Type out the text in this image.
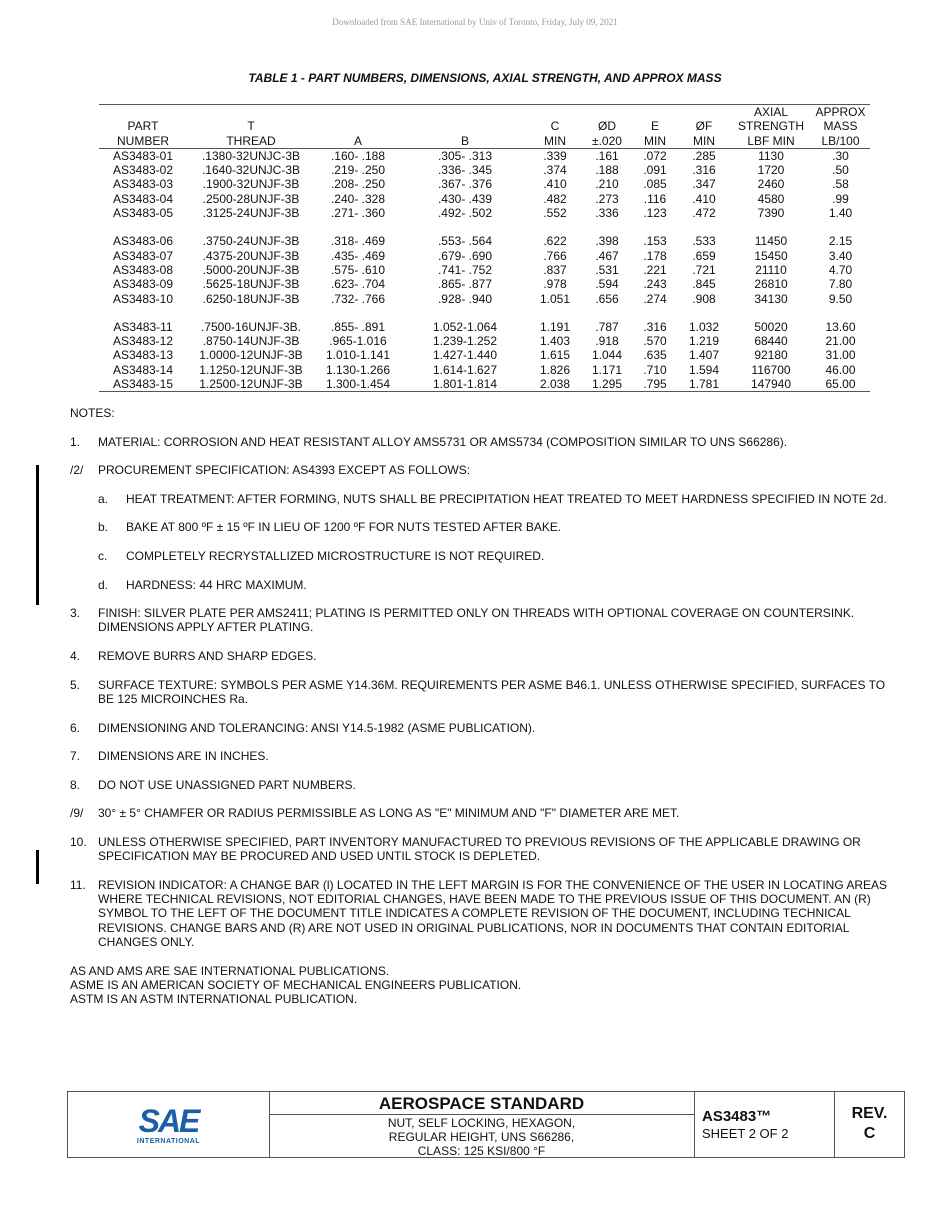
Downloaded from SAE International by Univ of Toronto, Friday, July 09, 2021
TABLE 1 - PART NUMBERS, DIMENSIONS, AXIAL STRENGTH, AND APPROX MASS
								AXIAL	APPROX
PART	T			C	ØD	E	ØF	STRENGTH	MASS
NUMBER	THREAD	A	B	MIN	±.020	MIN	MIN	LBF MIN	LB/100
AS3483-01	.1380-32UNJC-3B	.160- .188	.305- .313	.339	.161	.072	.285	1130	.30
AS3483-02	.1640-32UNJC-3B	.219- .250	.336- .345	.374	.188	.091	.316	1720	.50
AS3483-03	.1900-32UNJF-3B	.208- .250	.367- .376	.410	.210	.085	.347	2460	.58
AS3483-04	.2500-28UNJF-3B	.240- .328	.430- .439	.482	.273	.116	.410	4580	.99
AS3483-05	.3125-24UNJF-3B	.271- .360	.492- .502	.552	.336	.123	.472	7390	1.40

AS3483-06	.3750-24UNJF-3B	.318- .469	.553- .564	.622	.398	.153	.533	11450	2.15
AS3483-07	.4375-20UNJF-3B	.435- .469	.679- .690	.766	.467	.178	.659	15450	3.40
AS3483-08	.5000-20UNJF-3B	.575- .610	.741- .752	.837	.531	.221	.721	21110	4.70
AS3483-09	.5625-18UNJF-3B	.623- .704	.865- .877	.978	.594	.243	.845	26810	7.80
AS3483-10	.6250-18UNJF-3B	.732- .766	.928- .940	1.051	.656	.274	.908	34130	9.50

AS3483-11	.7500-16UNJF-3B.	.855- .891	1.052-1.064	1.191	.787	.316	1.032	50020	13.60
AS3483-12	.8750-14UNJF-3B	.965-1.016	1.239-1.252	1.403	.918	.570	1.219	68440	21.00
AS3483-13	1.0000-12UNJF-3B	1.010-1.141	1.427-1.440	1.615	1.044	.635	1.407	92180	31.00
AS3483-14	1.1250-12UNJF-3B	1.130-1.266	1.614-1.627	1.826	1.171	.710	1.594	116700	46.00
AS3483-15	1.2500-12UNJF-3B	1.300-1.454	1.801-1.814	2.038	1.295	.795	1.781	147940	65.00
NOTES:
1. MATERIAL: CORROSION AND HEAT RESISTANT ALLOY AMS5731 OR AMS5734 (COMPOSITION SIMILAR TO UNS S66286).
/2/ PROCUREMENT SPECIFICATION: AS4393 EXCEPT AS FOLLOWS:
a. HEAT TREATMENT: AFTER FORMING, NUTS SHALL BE PRECIPITATION HEAT TREATED TO MEET HARDNESS SPECIFIED IN NOTE 2d.
b. BAKE AT 800 ºF ± 15 ºF IN LIEU OF 1200 ºF FOR NUTS TESTED AFTER BAKE.
c. COMPLETELY RECRYSTALLIZED MICROSTRUCTURE IS NOT REQUIRED.
d. HARDNESS: 44 HRC MAXIMUM.
3. FINISH: SILVER PLATE PER AMS2411; PLATING IS PERMITTED ONLY ON THREADS WITH OPTIONAL COVERAGE ON COUNTERSINK. DIMENSIONS APPLY AFTER PLATING.
4. REMOVE BURRS AND SHARP EDGES.
5. SURFACE TEXTURE: SYMBOLS PER ASME Y14.36M. REQUIREMENTS PER ASME B46.1. UNLESS OTHERWISE SPECIFIED, SURFACES TO BE 125 MICROINCHES Ra.
6. DIMENSIONING AND TOLERANCING: ANSI Y14.5-1982 (ASME PUBLICATION).
7. DIMENSIONS ARE IN INCHES.
8. DO NOT USE UNASSIGNED PART NUMBERS.
/9/ 30° ± 5° CHAMFER OR RADIUS PERMISSIBLE AS LONG AS "E" MINIMUM AND "F" DIAMETER ARE MET.
10. UNLESS OTHERWISE SPECIFIED, PART INVENTORY MANUFACTURED TO PREVIOUS REVISIONS OF THE APPLICABLE DRAWING OR SPECIFICATION MAY BE PROCURED AND USED UNTIL STOCK IS DEPLETED.
11. REVISION INDICATOR: A CHANGE BAR (l) LOCATED IN THE LEFT MARGIN IS FOR THE CONVENIENCE OF THE USER IN LOCATING AREAS WHERE TECHNICAL REVISIONS, NOT EDITORIAL CHANGES, HAVE BEEN MADE TO THE PREVIOUS ISSUE OF THIS DOCUMENT. AN (R) SYMBOL TO THE LEFT OF THE DOCUMENT TITLE INDICATES A COMPLETE REVISION OF THE DOCUMENT, INCLUDING TECHNICAL REVISIONS. CHANGE BARS AND (R) ARE NOT USED IN ORIGINAL PUBLICATIONS, NOR IN DOCUMENTS THAT CONTAIN EDITORIAL CHANGES ONLY.
AS AND AMS ARE SAE INTERNATIONAL PUBLICATIONS.
ASME IS AN AMERICAN SOCIETY OF MECHANICAL ENGINEERS PUBLICATION.
ASTM IS AN ASTM INTERNATIONAL PUBLICATION.
SAE
INTERNATIONAL
AEROSPACE STANDARD
NUT, SELF LOCKING, HEXAGON,
REGULAR HEIGHT, UNS S66286,
CLASS: 125 KSI/800 °F
AS3483™
SHEET 2 OF 2
REV.
C
